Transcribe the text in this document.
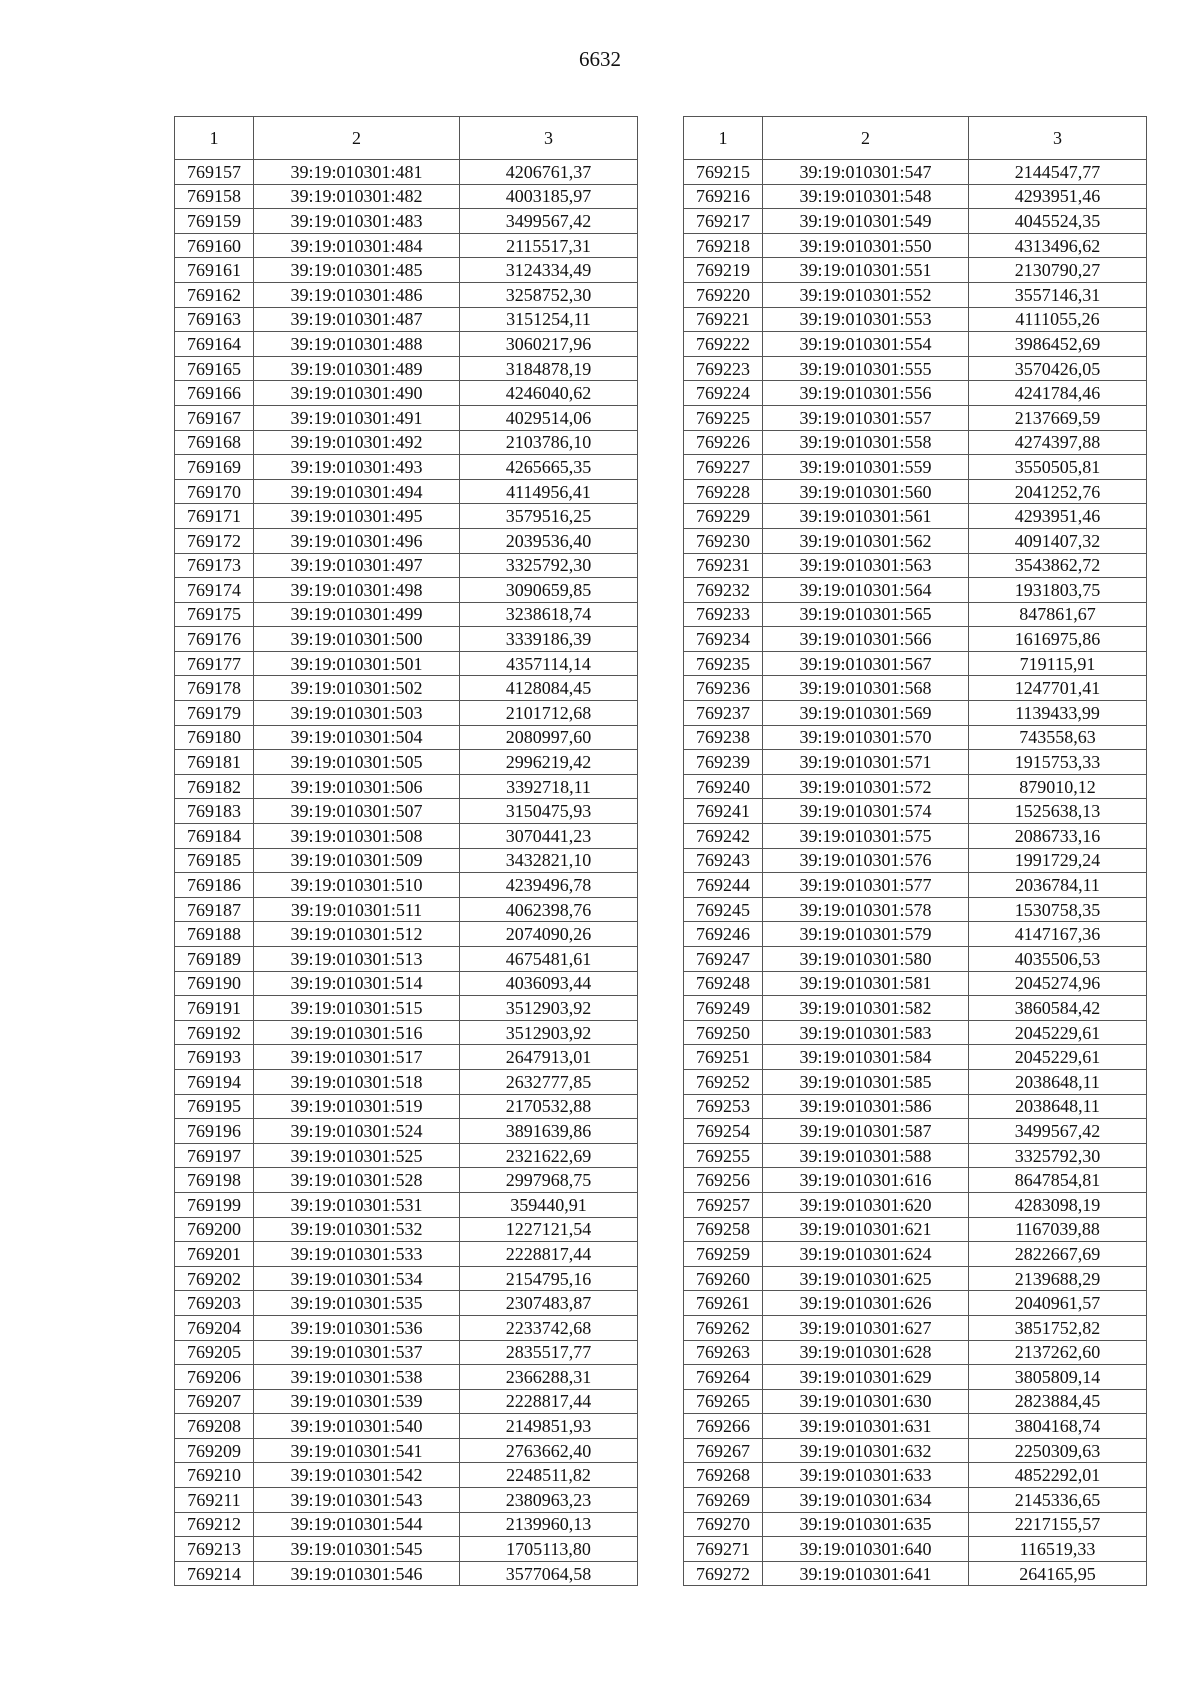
6632
1	2	3
769157	39:19:010301:481	4206761,37
769158	39:19:010301:482	4003185,97
769159	39:19:010301:483	3499567,42
769160	39:19:010301:484	2115517,31
769161	39:19:010301:485	3124334,49
769162	39:19:010301:486	3258752,30
769163	39:19:010301:487	3151254,11
769164	39:19:010301:488	3060217,96
769165	39:19:010301:489	3184878,19
769166	39:19:010301:490	4246040,62
769167	39:19:010301:491	4029514,06
769168	39:19:010301:492	2103786,10
769169	39:19:010301:493	4265665,35
769170	39:19:010301:494	4114956,41
769171	39:19:010301:495	3579516,25
769172	39:19:010301:496	2039536,40
769173	39:19:010301:497	3325792,30
769174	39:19:010301:498	3090659,85
769175	39:19:010301:499	3238618,74
769176	39:19:010301:500	3339186,39
769177	39:19:010301:501	4357114,14
769178	39:19:010301:502	4128084,45
769179	39:19:010301:503	2101712,68
769180	39:19:010301:504	2080997,60
769181	39:19:010301:505	2996219,42
769182	39:19:010301:506	3392718,11
769183	39:19:010301:507	3150475,93
769184	39:19:010301:508	3070441,23
769185	39:19:010301:509	3432821,10
769186	39:19:010301:510	4239496,78
769187	39:19:010301:511	4062398,76
769188	39:19:010301:512	2074090,26
769189	39:19:010301:513	4675481,61
769190	39:19:010301:514	4036093,44
769191	39:19:010301:515	3512903,92
769192	39:19:010301:516	3512903,92
769193	39:19:010301:517	2647913,01
769194	39:19:010301:518	2632777,85
769195	39:19:010301:519	2170532,88
769196	39:19:010301:524	3891639,86
769197	39:19:010301:525	2321622,69
769198	39:19:010301:528	2997968,75
769199	39:19:010301:531	359440,91
769200	39:19:010301:532	1227121,54
769201	39:19:010301:533	2228817,44
769202	39:19:010301:534	2154795,16
769203	39:19:010301:535	2307483,87
769204	39:19:010301:536	2233742,68
769205	39:19:010301:537	2835517,77
769206	39:19:010301:538	2366288,31
769207	39:19:010301:539	2228817,44
769208	39:19:010301:540	2149851,93
769209	39:19:010301:541	2763662,40
769210	39:19:010301:542	2248511,82
769211	39:19:010301:543	2380963,23
769212	39:19:010301:544	2139960,13
769213	39:19:010301:545	1705113,80
769214	39:19:010301:546	3577064,58
1	2	3
769215	39:19:010301:547	2144547,77
769216	39:19:010301:548	4293951,46
769217	39:19:010301:549	4045524,35
769218	39:19:010301:550	4313496,62
769219	39:19:010301:551	2130790,27
769220	39:19:010301:552	3557146,31
769221	39:19:010301:553	4111055,26
769222	39:19:010301:554	3986452,69
769223	39:19:010301:555	3570426,05
769224	39:19:010301:556	4241784,46
769225	39:19:010301:557	2137669,59
769226	39:19:010301:558	4274397,88
769227	39:19:010301:559	3550505,81
769228	39:19:010301:560	2041252,76
769229	39:19:010301:561	4293951,46
769230	39:19:010301:562	4091407,32
769231	39:19:010301:563	3543862,72
769232	39:19:010301:564	1931803,75
769233	39:19:010301:565	847861,67
769234	39:19:010301:566	1616975,86
769235	39:19:010301:567	719115,91
769236	39:19:010301:568	1247701,41
769237	39:19:010301:569	1139433,99
769238	39:19:010301:570	743558,63
769239	39:19:010301:571	1915753,33
769240	39:19:010301:572	879010,12
769241	39:19:010301:574	1525638,13
769242	39:19:010301:575	2086733,16
769243	39:19:010301:576	1991729,24
769244	39:19:010301:577	2036784,11
769245	39:19:010301:578	1530758,35
769246	39:19:010301:579	4147167,36
769247	39:19:010301:580	4035506,53
769248	39:19:010301:581	2045274,96
769249	39:19:010301:582	3860584,42
769250	39:19:010301:583	2045229,61
769251	39:19:010301:584	2045229,61
769252	39:19:010301:585	2038648,11
769253	39:19:010301:586	2038648,11
769254	39:19:010301:587	3499567,42
769255	39:19:010301:588	3325792,30
769256	39:19:010301:616	8647854,81
769257	39:19:010301:620	4283098,19
769258	39:19:010301:621	1167039,88
769259	39:19:010301:624	2822667,69
769260	39:19:010301:625	2139688,29
769261	39:19:010301:626	2040961,57
769262	39:19:010301:627	3851752,82
769263	39:19:010301:628	2137262,60
769264	39:19:010301:629	3805809,14
769265	39:19:010301:630	2823884,45
769266	39:19:010301:631	3804168,74
769267	39:19:010301:632	2250309,63
769268	39:19:010301:633	4852292,01
769269	39:19:010301:634	2145336,65
769270	39:19:010301:635	2217155,57
769271	39:19:010301:640	116519,33
769272	39:19:010301:641	264165,95
